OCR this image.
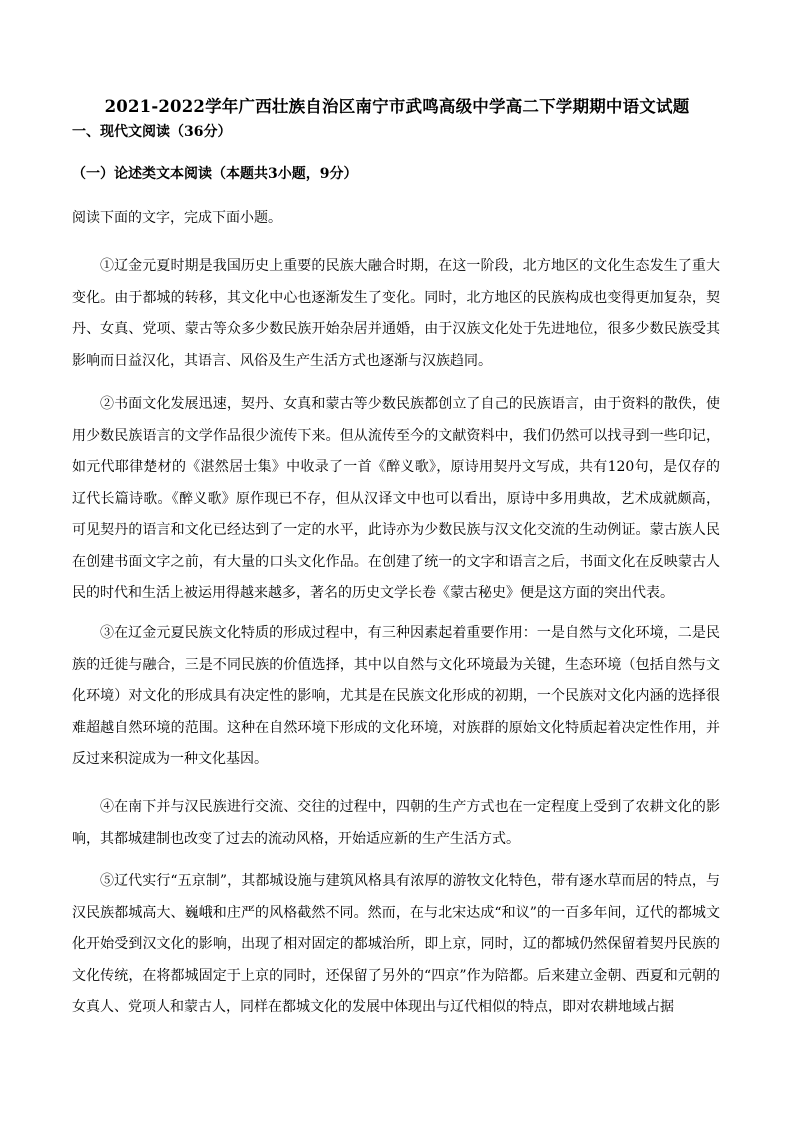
2021-2022学年广西壮族自治区南宁市武鸣高级中学高二下学期期中语文试题
一、现代文阅读（36分）
（一）论述类文本阅读（本题共3小题，9分）
阅读下面的文字，完成下面小题。

①辽金元夏时期是我国历史上重要的民族大融合时期，在这一阶段，北方地区的文化生态发生了重大变化。由于都城的转移，其文化中心也逐渐发生了变化。同时，北方地区的民族构成也变得更加复杂，契丹、女真、党项、蒙古等众多少数民族开始杂居并通婚，由于汉族文化处于先进地位，很多少数民族受其影响而日益汉化，其语言、风俗及生产生活方式也逐渐与汉族趋同。

②书面文化发展迅速，契丹、女真和蒙古等少数民族都创立了自己的民族语言，由于资料的散佚，使用少数民族语言的文学作品很少流传下来。但从流传至今的文献资料中，我们仍然可以找寻到一些印记，如元代耶律楚材的《湛然居士集》中收录了一首《醉义歌》，原诗用契丹文写成，共有120句，是仅存的辽代长篇诗歌。《醉义歌》原作现已不存，但从汉译文中也可以看出，原诗中多用典故，艺术成就颇高，可见契丹的语言和文化已经达到了一定的水平，此诗亦为少数民族与汉文化交流的生动例证。蒙古族人民在创建书面文字之前，有大量的口头文化作品。在创建了统一的文字和语言之后，书面文化在反映蒙古人民的时代和生活上被运用得越来越多，著名的历史文学长卷《蒙古秘史》便是这方面的突出代表。

③在辽金元夏民族文化特质的形成过程中，有三种因素起着重要作用：一是自然与文化环境，二是民族的迁徙与融合，三是不同民族的价值选择，其中以自然与文化环境最为关键，生态环境（包括自然与文化环境）对文化的形成具有决定性的影响，尤其是在民族文化形成的初期，一个民族对文化内涵的选择很难超越自然环境的范围。这种在自然环境下形成的文化环境，对族群的原始文化特质起着决定性作用，并反过来积淀成为一种文化基因。

④在南下并与汉民族进行交流、交往的过程中，四朝的生产方式也在一定程度上受到了农耕文化的影响，其都城建制也改变了过去的流动风格，开始适应新的生产生活方式。

⑤辽代实行“五京制”，其都城设施与建筑风格具有浓厚的游牧文化特色，带有逐水草而居的特点，与汉民族都城高大、巍峨和庄严的风格截然不同。然而，在与北宋达成“和议”的一百多年间，辽代的都城文化开始受到汉文化的影响，出现了相对固定的都城治所，即上京，同时，辽的都城仍然保留着契丹民族的文化传统，在将都城固定于上京的同时，还保留了另外的“四京”作为陪都。后来建立金朝、西夏和元朝的女真人、党项人和蒙古人，同样在都城文化的发展中体现出与辽代相似的特点，即对农耕地域占据
